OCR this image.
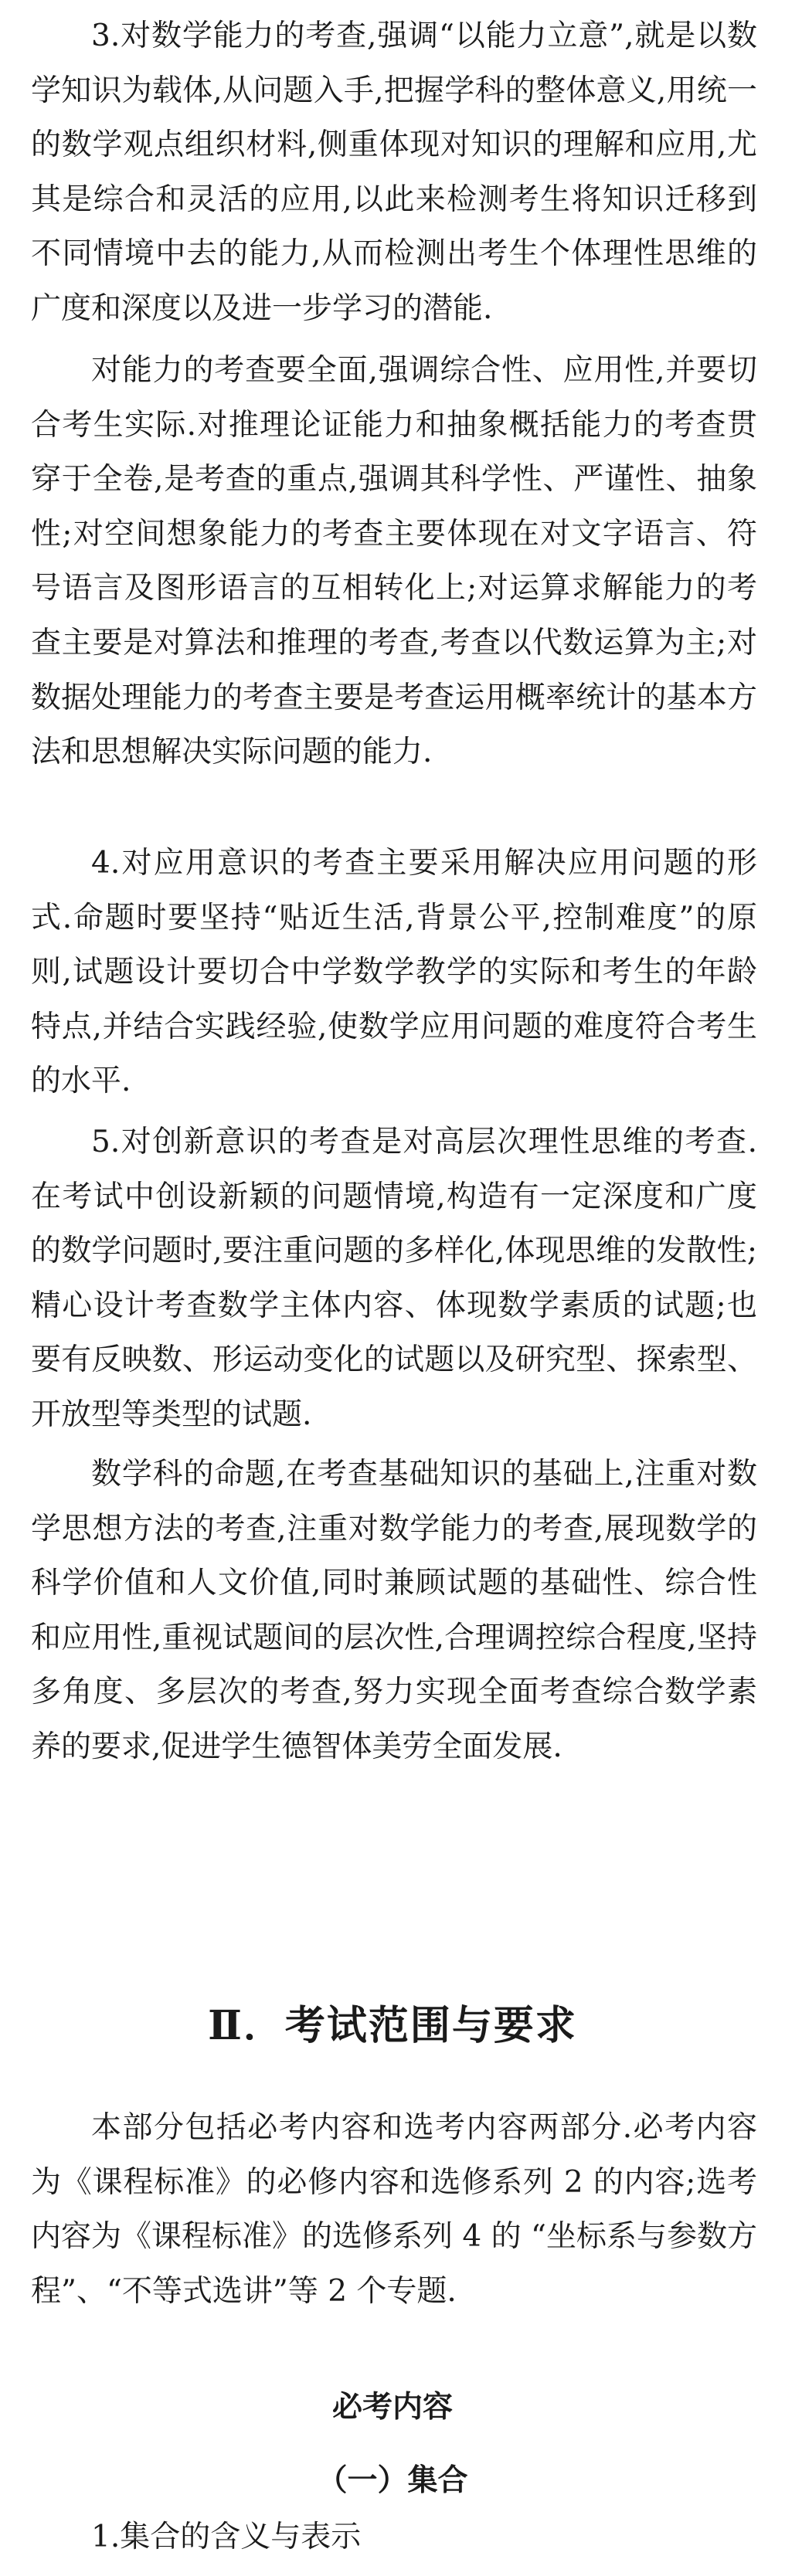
3.对数学能力的考查,强调“以能力立意”,就是以数学知识为载体,从问题入手,把握学科的整体意义,用统一的数学观点组织材料,侧重体现对知识的理解和应用,尤其是综合和灵活的应用,以此来检测考生将知识迁移到不同情境中去的能力,从而检测出考生个体理性思维的广度和深度以及进一步学习的潜能.

对能力的考查要全面,强调综合性、应用性,并要切合考生实际.对推理论证能力和抽象概括能力的考查贯穿于全卷,是考查的重点,强调其科学性、严谨性、抽象性;对空间想象能力的考查主要体现在对文字语言、符号语言及图形语言的互相转化上;对运算求解能力的考查主要是对算法和推理的考查,考查以代数运算为主;对数据处理能力的考查主要是考查运用概率统计的基本方法和思想解决实际问题的能力.

4.对应用意识的考查主要采用解决应用问题的形式.命题时要坚持“贴近生活,背景公平,控制难度”的原则,试题设计要切合中学数学教学的实际和考生的年龄特点,并结合实践经验,使数学应用问题的难度符合考生的水平.

5.对创新意识的考查是对高层次理性思维的考查.在考试中创设新颖的问题情境,构造有一定深度和广度的数学问题时,要注重问题的多样化,体现思维的发散性;精心设计考查数学主体内容、体现数学素质的试题;也要有反映数、形运动变化的试题以及研究型、探索型、开放型等类型的试题.

数学科的命题,在考查基础知识的基础上,注重对数学思想方法的考查,注重对数学能力的考查,展现数学的科学价值和人文价值,同时兼顾试题的基础性、综合性和应用性,重视试题间的层次性,合理调控综合程度,坚持多角度、多层次的考查,努力实现全面考查综合数学素养的要求,促进学生德智体美劳全面发展.

Ⅱ．考试范围与要求

本部分包括必考内容和选考内容两部分.必考内容为《课程标准》的必修内容和选修系列 2 的内容;选考内容为《课程标准》的选修系列 4 的 “坐标系与参数方程”、“不等式选讲”等 2 个专题.

必考内容
（一）集合

1.集合的含义与表示
